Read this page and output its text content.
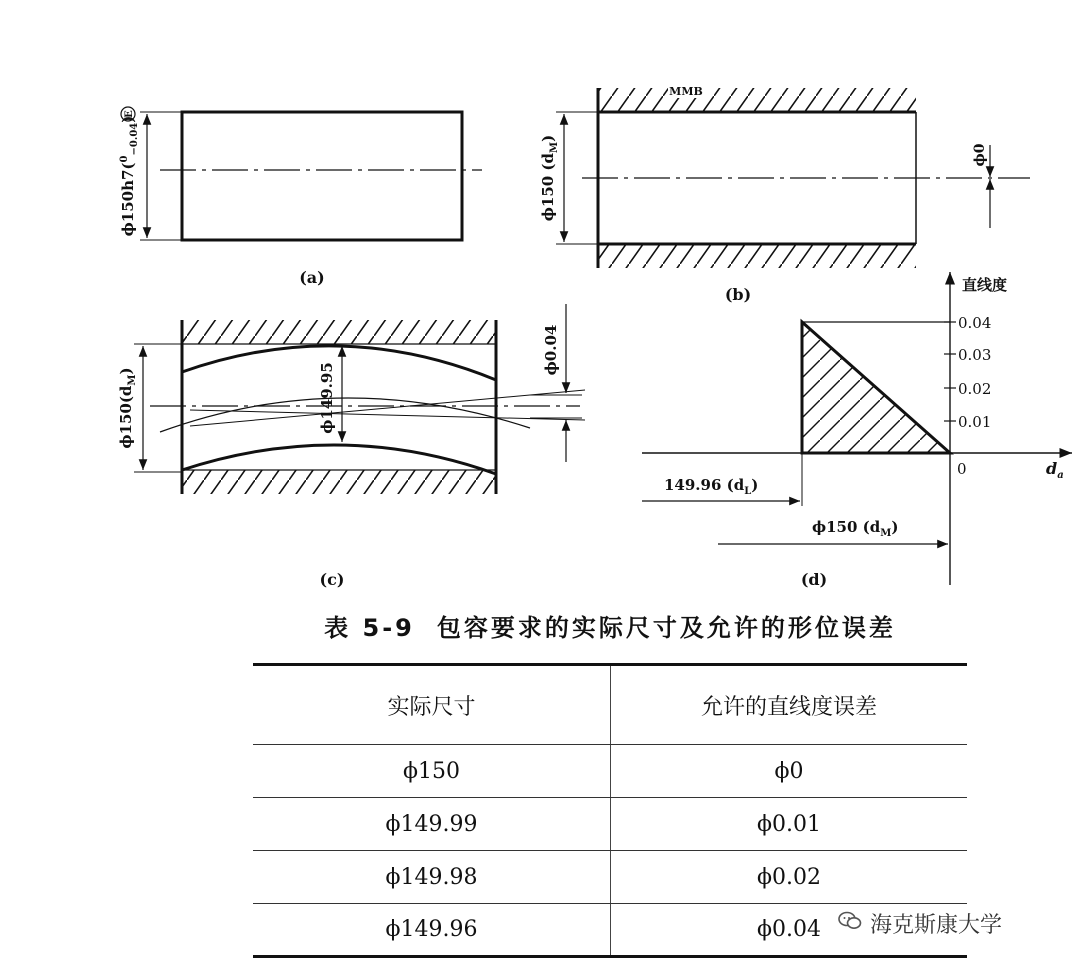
ϕ150h7($^0_{-0.04}$)
E
(a)
MMB
ϕ150 $(d_M)$
ϕ0
(b)
$\phi 150(d_M)$	ϕ149.95
ϕ0.04
(c)
直线度
$d_a$
0.04
0.03
0.02
0.01
0
149.96 $(d_L)$
ϕ150 $(d_M)$
(d)
表 5-9 包容要求的实际尺寸及允许的形位误差
实际尺寸	允许的直线度误差
ϕ150	ϕ0
ϕ149.99	ϕ0.01
ϕ149.98	ϕ0.02
ϕ149.96	ϕ0.04 海克斯康大学
